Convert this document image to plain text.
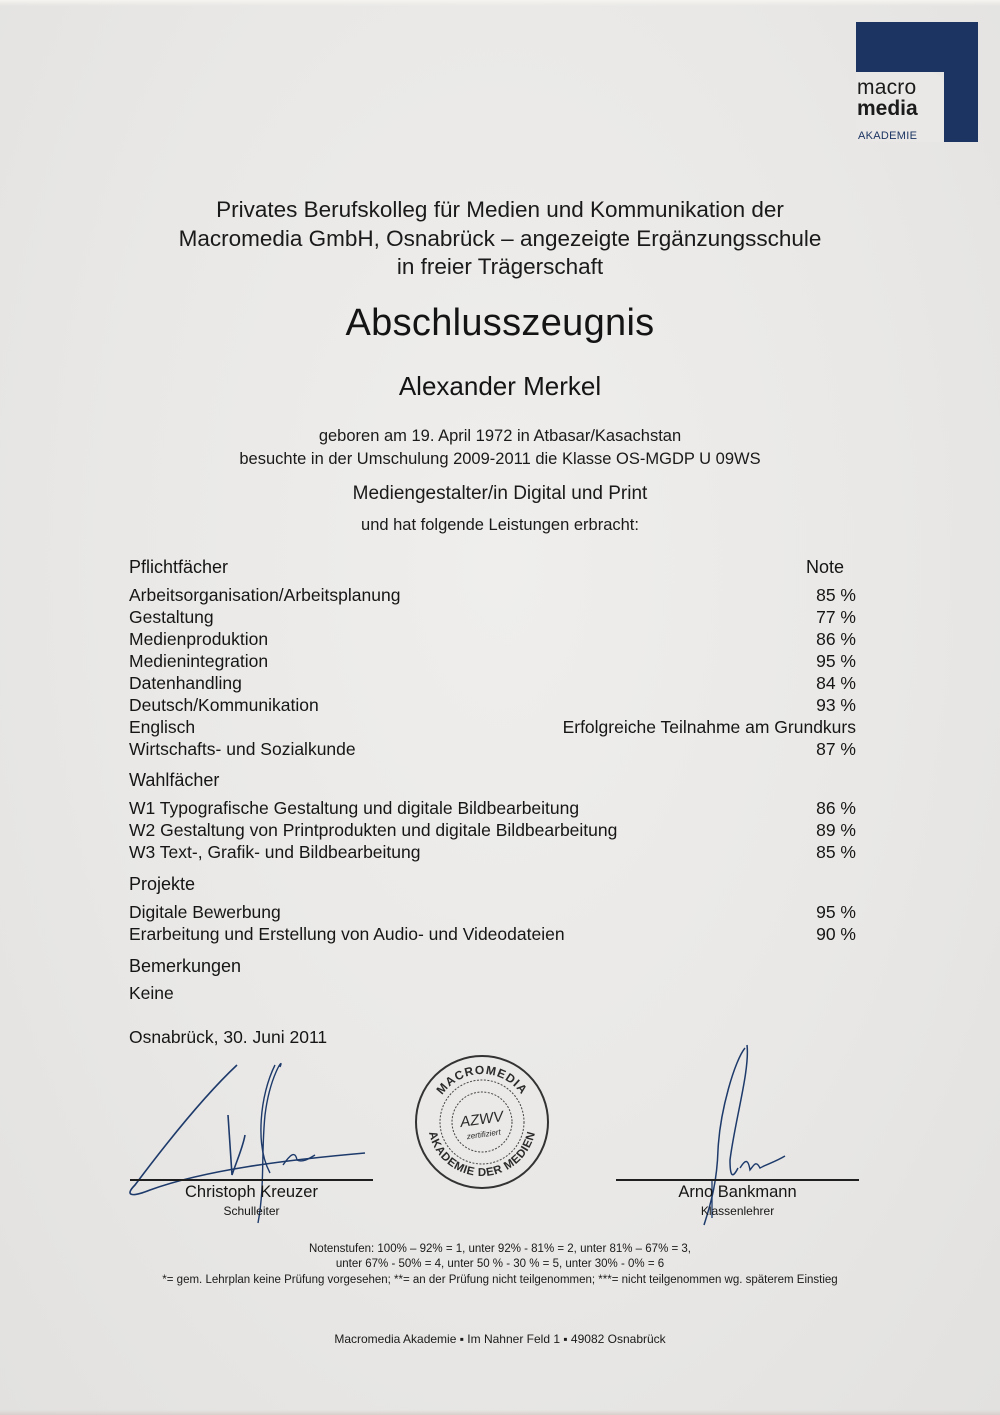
macro
media
AKADEMIE
Privates Berufskolleg für Medien und Kommunikation der
Macromedia GmbH, Osnabrück – angezeigte Ergänzungsschule
in freier Trägerschaft
Abschlusszeugnis
Alexander Merkel
geboren am 19. April 1972 in Atbasar/Kasachstan
besuchte in der Umschulung 2009-2011 die Klasse OS-MGDP U 09WS
Mediengestalter/in Digital und Print
und hat folgende Leistungen erbracht:
Pflichtfächer	Note
Arbeitsorganisation/Arbeitsplanung	85 %
Gestaltung	77 %
Medienproduktion	86 %
Medienintegration	95 %
Datenhandling	84 %
Deutsch/Kommunikation	93 %
Englisch	Erfolgreiche Teilnahme am Grundkurs
Wirtschafts- und Sozialkunde	87 %
Wahlfächer
W1 Typografische Gestaltung und digitale Bildbearbeitung	86 %
W2 Gestaltung von Printprodukten und digitale Bildbearbeitung	89 %
W3 Text-, Grafik- und Bildbearbeitung	85 %
Projekte
Digitale Bewerbung	95 %
Erarbeitung und Erstellung von Audio- und Videodateien	90 %
Bemerkungen
Keine
Osnabrück, 30. Juni 2011
Christoph Kreuzer
Schulleiter
MACROMEDIA
AKADEMIE DER MEDIEN
AZWV
zertifiziert
Arno Bankmann
Klassenlehrer
Notenstufen: 100% – 92% = 1, unter 92% - 81% = 2, unter 81% – 67% = 3,
unter 67% - 50% = 4, unter 50 % - 30 % = 5, unter 30% - 0% = 6
*= gem. Lehrplan keine Prüfung vorgesehen; **= an der Prüfung nicht teilgenommen; ***= nicht teilgenommen wg. späterem Einstieg
Macromedia Akademie ▪ Im Nahner Feld 1 ▪ 49082 Osnabrück
